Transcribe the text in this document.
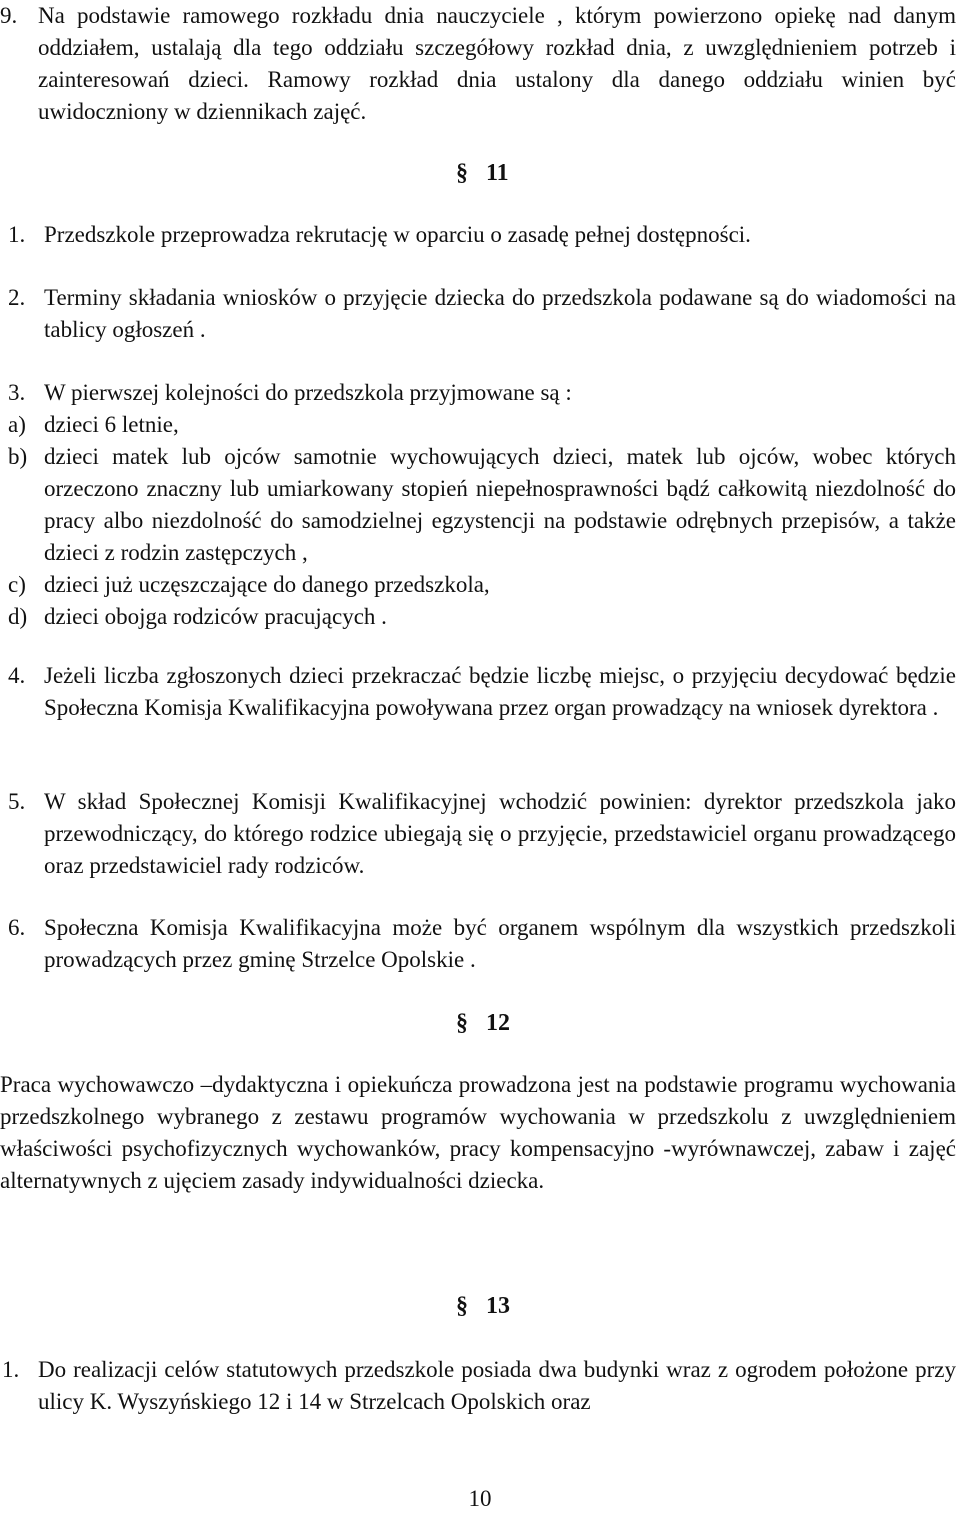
9. Na podstawie ramowego rozkładu dnia nauczyciele , którym powierzono opiekę nad danym oddziałem, ustalają dla tego oddziału szczegółowy rozkład dnia, z uwzględnieniem potrzeb i zainteresowań dzieci. Ramowy rozkład dnia ustalony dla danego oddziału winien być uwidoczniony w dziennikach zajęć.
§ 11
1. Przedszkole przeprowadza rekrutację w oparciu o zasadę pełnej dostępności.
2. Terminy składania wniosków o przyjęcie dziecka do przedszkola podawane są do wiadomości na tablicy ogłoszeń .
3. W pierwszej kolejności do przedszkola przyjmowane są :
a) dzieci 6 letnie,
b) dzieci matek lub ojców samotnie wychowujących dzieci, matek lub ojców, wobec których orzeczono znaczny lub umiarkowany stopień niepełnosprawności bądź całkowitą niezdolność do pracy albo niezdolność do samodzielnej egzystencji na podstawie odrębnych przepisów, a także dzieci z rodzin zastępczych ,
c) dzieci już uczęszczające do danego przedszkola,
d) dzieci obojga rodziców pracujących .
4. Jeżeli liczba zgłoszonych dzieci przekraczać będzie liczbę miejsc, o przyjęciu decydować będzie Społeczna Komisja Kwalifikacyjna powoływana przez organ prowadzący na wniosek dyrektora .
5. W skład Społecznej Komisji Kwalifikacyjnej wchodzić powinien: dyrektor przedszkola jako przewodniczący, do którego rodzice ubiegają się o przyjęcie, przedstawiciel organu prowadzącego oraz przedstawiciel rady rodziców.
6. Społeczna Komisja Kwalifikacyjna może być organem wspólnym dla wszystkich przedszkoli prowadzących przez gminę Strzelce Opolskie .
§ 12

Praca wychowawczo –dydaktyczna i opiekuńcza prowadzona jest na podstawie programu wychowania przedszkolnego wybranego z zestawu programów wychowania w przedszkolu z uwzględnieniem właściwości psychofizycznych wychowanków, pracy kompensacyjno -wyrównawczej, zabaw i zajęć alternatywnych z ujęciem zasady indywidualności dziecka.

§ 13
1. Do realizacji celów statutowych przedszkole posiada dwa budynki wraz z ogrodem położone przy ulicy K. Wyszyńskiego 12 i 14 w Strzelcach Opolskich oraz
10
